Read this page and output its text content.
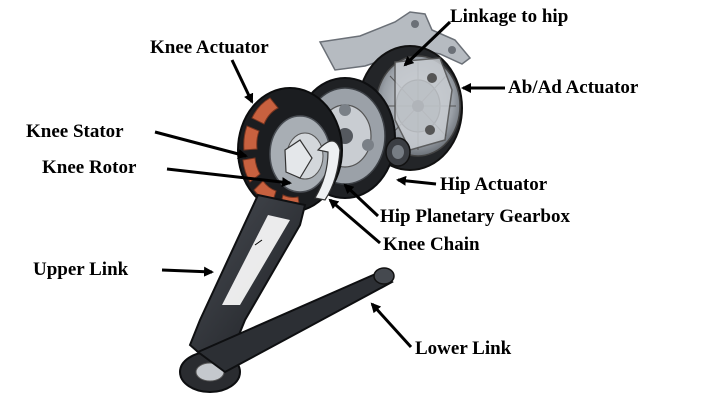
Linkage to hip
Knee Actuator
Ab/Ad Actuator
Knee Stator
Knee Rotor
Hip Actuator
Hip Planetary Gearbox
Knee Chain
Upper Link
Lower Link
